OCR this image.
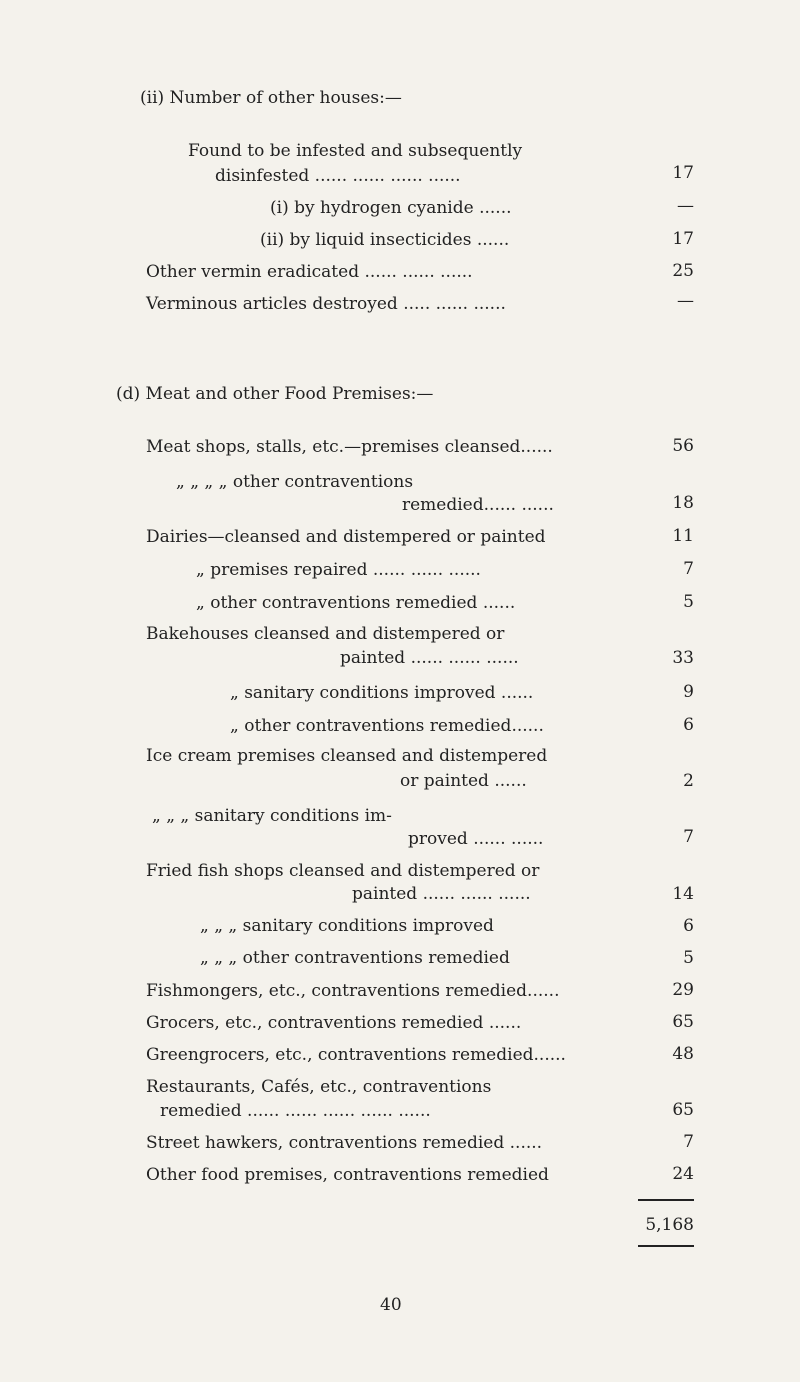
(ii) Number of other houses:—
Found to be infested and subsequently
disinfested ...... ...... ...... ......	17
(i) by hydrogen cyanide ......	—
(ii) by liquid insecticides ......	17
Other vermin eradicated ...... ...... ......	25
Verminous articles destroyed ..... ...... ......	—
(d) Meat and other Food Premises:—
Meat shops, stalls, etc.—premises cleansed......	56
„ „ „ „ other contraventions
remedied...... ......	18
Dairies—cleansed and distempered or painted	11
„ premises repaired ...... ...... ......	7
„ other contraventions remedied ......	5
Bakehouses cleansed and distempered or
painted ...... ...... ......	33
„ sanitary conditions improved ......	9
„ other contraventions remedied......	6
Ice cream premises cleansed and distempered
or painted ......	2
„ „ „ sanitary conditions im-
proved ...... ......	7
Fried fish shops cleansed and distempered or
painted ...... ...... ......	14
„ „ „ sanitary conditions improved	6
„ „ „ other contraventions remedied	5
Fishmongers, etc., contraventions remedied......	29
Grocers, etc., contraventions remedied ......	65
Greengrocers, etc., contraventions remedied......	48
Restaurants, Cafés, etc., contraventions
remedied ...... ...... ...... ...... ......	65
Street hawkers, contraventions remedied ......	7
Other food premises, contraventions remedied	24
5,168
40
